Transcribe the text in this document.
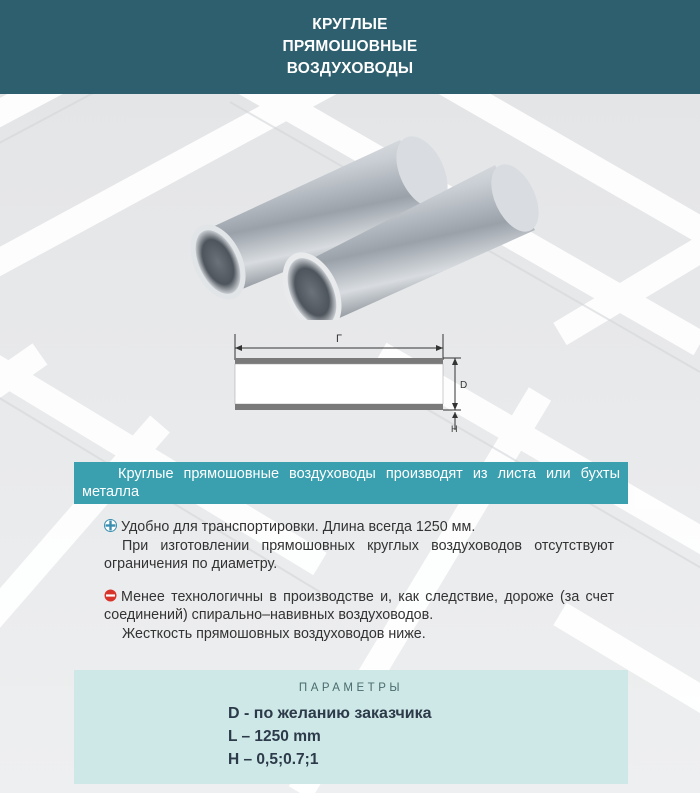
КРУГЛЫЕ
ПРЯМОШОВНЫЕ
ВОЗДУХОВОДЫ
Г
D
Н
Круглые прямошовные воздуховоды производят из листа или бухты металла
Удобно для транспортировки. Длина всегда 1250 мм.
При изготовлении прямошовных круглых воздуховодов отсутствуют ограничения по диаметру.
Менее технологичны в производстве и, как следствие, дороже (за счет соединений) спирально–навивных воздуховодов.
Жесткость прямошовных воздуховодов ниже.
ПАРАМЕТРЫ
D - по желанию заказчика
L – 1250 mm
H – 0,5;0.7;1
